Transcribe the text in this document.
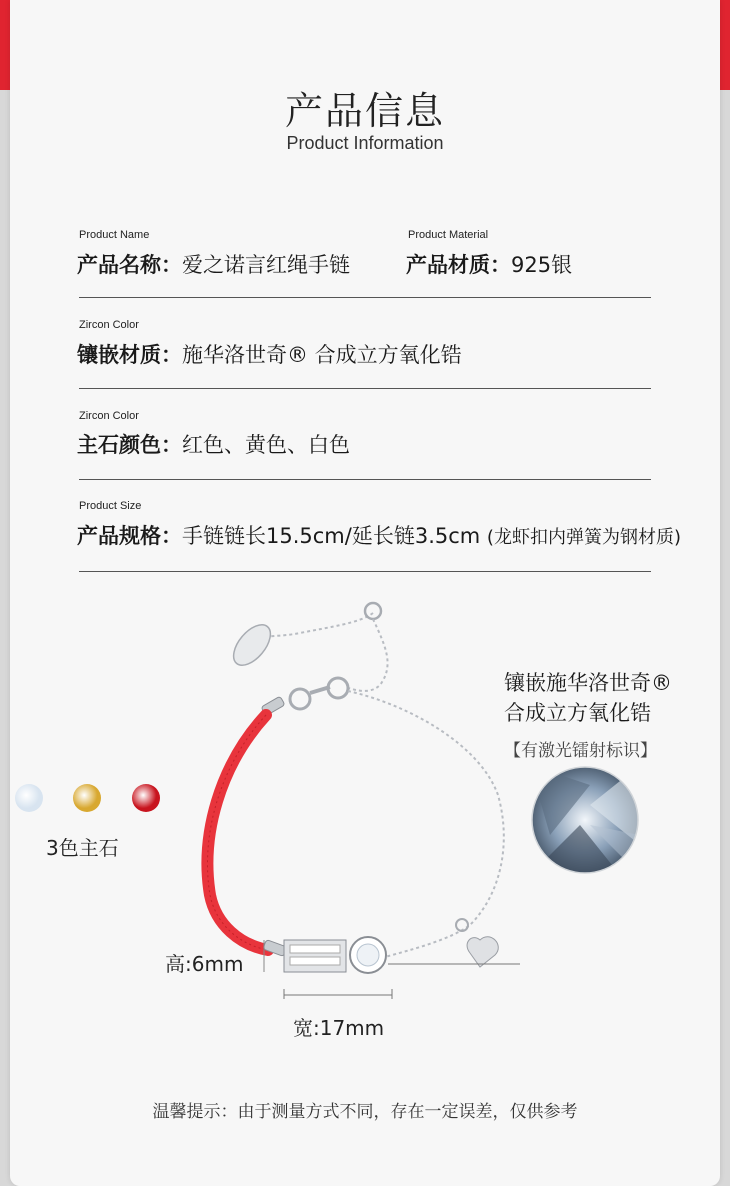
产品信息
Product Information
Product Name
产品名称：爱之诺言红绳手链
Product Material
产品材质：925银
Zircon Color
镶嵌材质：施华洛世奇® 合成立方氧化锆
Zircon Color
主石颜色：红色、黄色、白色
Product Size
产品规格：手链链长15.5cm/延长链3.5cm (龙虾扣内弹簧为钢材质)
3色主石
镶嵌施华洛世奇®
合成立方氧化锆
【有激光镭射标识】
高:6mm
宽:17mm
温馨提示：由于测量方式不同，存在一定误差，仅供参考
